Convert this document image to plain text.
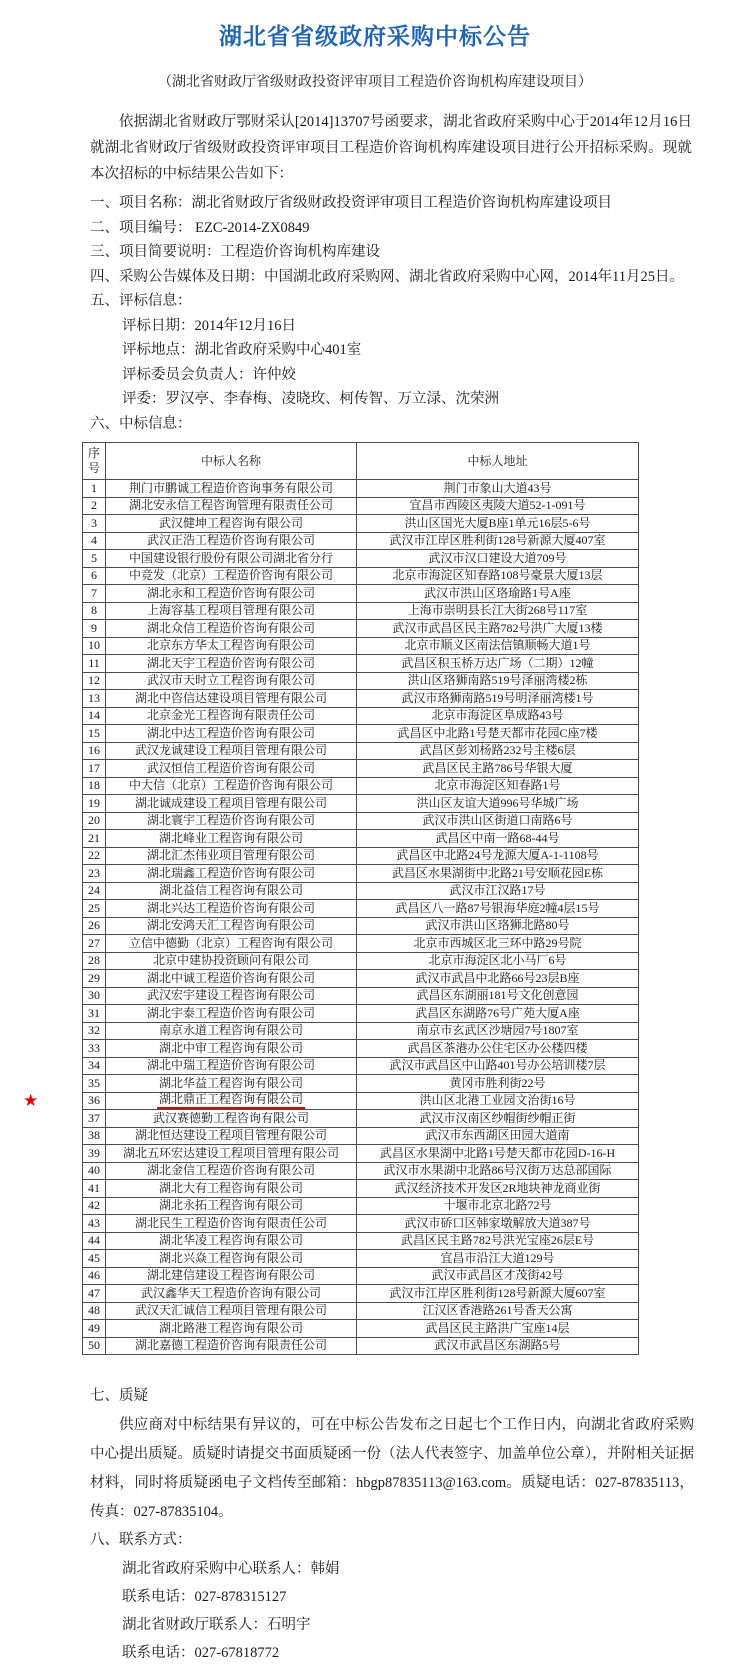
湖北省省级政府采购中标公告
（湖北省财政厅省级财政投资评审项目工程造价咨询机构库建设项目）
依据湖北省财政厅鄂财采认[2014]13707号函要求，湖北省政府采购中心于2014年12月16日就湖北省财政厅省级财政投资评审项目工程造价咨询机构库建设项目进行公开招标采购。现就本次招标的中标结果公告如下：
一、项目名称：湖北省财政厅省级财政投资评审项目工程造价咨询机构库建设项目
二、项目编号： EZC-2014-ZX0849
三、项目简要说明：工程造价咨询机构库建设
四、采购公告媒体及日期：中国湖北政府采购网、湖北省政府采购中心网，2014年11月25日。
五、评标信息：
评标日期：2014年12月16日
评标地点：湖北省政府采购中心401室
评标委员会负责人：许仲姣
评委：罗汉亭、李春梅、凌晓玫、柯传智、万立渌、沈荣洲
六、中标信息：
序号	中标人名称	中标人地址
1	荆门市鹏诚工程造价咨询事务有限公司	荆门市象山大道43号
2	湖北安永信工程咨询管理有限责任公司	宜昌市西陵区夷陵大道52-1-091号
3	武汉健坤工程咨询有限公司	洪山区国光大厦B座1单元16层5-6号
4	武汉正浩工程造价咨询有限公司	武汉市江岸区胜利街128号新源大厦407室
5	中国建设银行股份有限公司湖北省分行	武汉市汉口建设大道709号
6	中竞发（北京）工程造价咨询有限公司	北京市海淀区知春路108号豪景大厦13层
7	湖北永和工程造价咨询有限公司	武汉市洪山区珞瑜路1号A座
8	上海容基工程项目管理有限公司	上海市崇明县长江大街268号117室
9	湖北众信工程造价咨询有限公司	武汉市武昌区民主路782号洪广大厦13楼
10	北京东方华太工程咨询有限公司	北京市顺义区南法信镇顺畅大道1号
11	湖北天宇工程造价咨询有限公司	武昌区积玉桥万达广场（二期）12幢
12	武汉市天时立工程咨询有限公司	洪山区珞狮南路519号泽丽湾楼2栋
13	湖北中咨信达建设项目管理有限公司	武汉市珞狮南路519号明泽丽湾楼1号
14	北京金光工程咨询有限责任公司	北京市海淀区阜成路43号
15	湖北中达工程造价咨询有限公司	武昌区中北路1号楚天都市花园C座7楼
16	武汉龙诚建设工程项目管理有限公司	武昌区彭刘杨路232号主楼6层
17	武汉恒信工程造价咨询有限公司	武昌区民主路786号华银大厦
18	中大信（北京）工程造价咨询有限公司	北京市海淀区知春路1号
19	湖北诚成建设工程项目管理有限公司	洪山区友谊大道996号华城广场
20	湖北寰宇工程造价咨询有限公司	武汉市洪山区街道口南路6号
21	湖北峰业工程咨询有限公司	武昌区中南一路68-44号
22	湖北汇杰伟业项目管理有限公司	武昌区中北路24号龙源大厦A-1-1108号
23	湖北瑞鑫工程造价咨询有限公司	武昌区水果湖街中北路21号安顺花园E栋
24	湖北益信工程咨询有限公司	武汉市江汉路17号
25	湖北兴达工程造价咨询有限公司	武昌区八一路87号银海华庭2幢4层15号
26	湖北安鸿天汇工程咨询有限公司	武汉市洪山区珞狮北路80号
27	立信中德勤（北京）工程咨询有限公司	北京市西城区北三环中路29号院
28	北京中建协投资顾问有限公司	北京市海淀区北小马厂6号
29	湖北中诚工程造价咨询有限公司	武汉市武昌中北路66号23层B座
30	武汉宏宇建设工程咨询有限公司	武昌区东湖丽181号文化创意园
31	湖北宇泰工程造价咨询有限公司	武昌区东湖路76号广苑大厦A座
32	南京永道工程咨询有限公司	南京市玄武区沙塘园7号1807室
33	湖北中审工程咨询有限公司	武昌区茶港办公住宅区办公楼四楼
34	湖北中瑞工程造价咨询有限公司	武汉市武昌区中山路401号办公培训楼7层
35	湖北华益工程咨询有限公司	黄冈市胜利街22号

★ 36	湖北鼎正工程咨询有限公司	洪山区北港工业园文治街16号
37	武汉赛德勤工程咨询有限公司	武汉市汉南区纱帽街纱帽正街
38	湖北恒达建设工程项目管理有限公司	武汉市东西湖区田园大道南
39	湖北五环宏达建设工程项目管理有限公司	武昌区水果湖中北路1号楚天都市花园D-16-H
40	湖北金信工程造价咨询有限公司	武汉市水果湖中北路86号汉街万达总部国际
41	湖北大有工程咨询有限公司	武汉经济技术开发区2R地块神龙商业街
42	湖北永拓工程咨询有限公司	十堰市北京北路72号
43	湖北民生工程造价咨询有限责任公司	武汉市硚口区韩家墩解放大道387号
44	湖北华凌工程咨询有限公司	武昌区民主路782号洪光宝座26层E号
45	湖北兴焱工程咨询有限公司	宜昌市沿江大道129号
46	湖北建信建设工程咨询有限公司	武汉市武昌区才茂街42号
47	武汉鑫华天工程造价咨询有限公司	武汉市江岸区胜利街128号新源大厦607室
48	武汉天汇诚信工程项目管理有限公司	江汉区香港路261号香天公寓
49	湖北路港工程咨询有限公司	武昌区民主路洪广宝座14层
50	湖北嘉德工程造价咨询有限责任公司	武汉市武昌区东湖路5号
七、质疑
供应商对中标结果有异议的，可在中标公告发布之日起七个工作日内，向湖北省政府采购中心提出质疑。质疑时请提交书面质疑函一份（法人代表签字、加盖单位公章），并附相关证据材料，同时将质疑函电子文档传至邮箱：hbgp87835113@163.com。质疑电话：027-87835113，传真：027-87835104。
八、联系方式：
湖北省政府采购中心联系人：韩娟
联系电话：027-878315127
湖北省财政厅联系人：石明宇
联系电话：027-67818772
